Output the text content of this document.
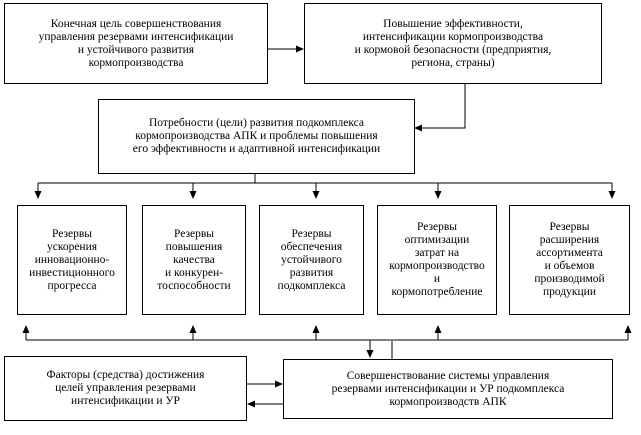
Конечная цель совершенствования
управления резервами интенсификации
и устойчивого развития
кормопроизводства
Повышение эффективности,
интенсификации кормопроизводства
и кормовой безопасности (предприятия,
региона, страны)
Потребности (цели) развития подкомплекса
кормопроизводства АПК и проблемы повышения
его эффективности и адаптивной интенсификации
Резервы
ускорения
инновационно-
инвестиционного
прогресса
Резервы
повышения
качества
и конкурен-
тоспособности
Резервы
обеспечения
устойчивого
развития
подкомплекса
Резервы
оптимизации
затрат на
кормопроизводство
и
кормопотребление
Резервы
расширения
ассортимента
и объемов
производимой
продукции
Факторы (средства) достижения
целей управления резервами
интенсификации и УР
Совершенствование системы управления
резервами интенсификации и УР подкомплекса
кормопроизводств АПК
